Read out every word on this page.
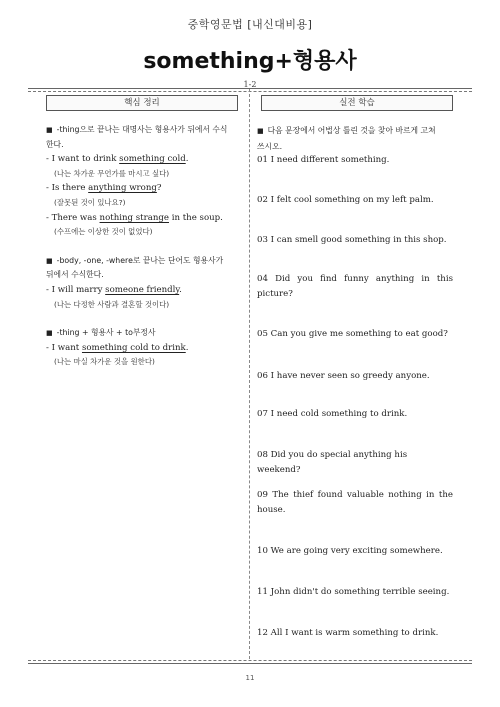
중학영문법 [내신대비용]
something+형용사
1-2
핵심 정리	실전 학습

■ -thing으로 끝나는 대명사는 형용사가 뒤에서 수식

한다.

- I want to drink something cold.

(나는 차가운 무언가를 마시고 싶다)

- Is there anything wrong?

(잘못된 것이 있나요?)

- There was nothing strange in the soup.

(수프에는 이상한 것이 없었다)

■ -body, -one, -where로 끝나는 단어도 형용사가

뒤에서 수식한다.

- I will marry someone friendly.

(나는 다정한 사람과 결혼할 것이다)

■ -thing + 형용사 + to부정사

- I want something cold to drink.

(나는 마실 차가운 것을 원한다)

■ 다음 문장에서 어법상 틀린 것을 찾아 바르게 고쳐

쓰시오.

01 I need different something.

02 I felt cool something on my left palm.

03 I can smell good something in this shop.

04 Did you find funny anything in this picture?

05 Can you give me something to eat good?

06 I have never seen so greedy anyone.

07 I need cold something to drink.

08 Did you do special anything his weekend?

09 The thief found valuable nothing in the house.

10 We are going very exciting somewhere.

11 John didn't do something terrible seeing.

12 All I want is warm something to drink.

11
